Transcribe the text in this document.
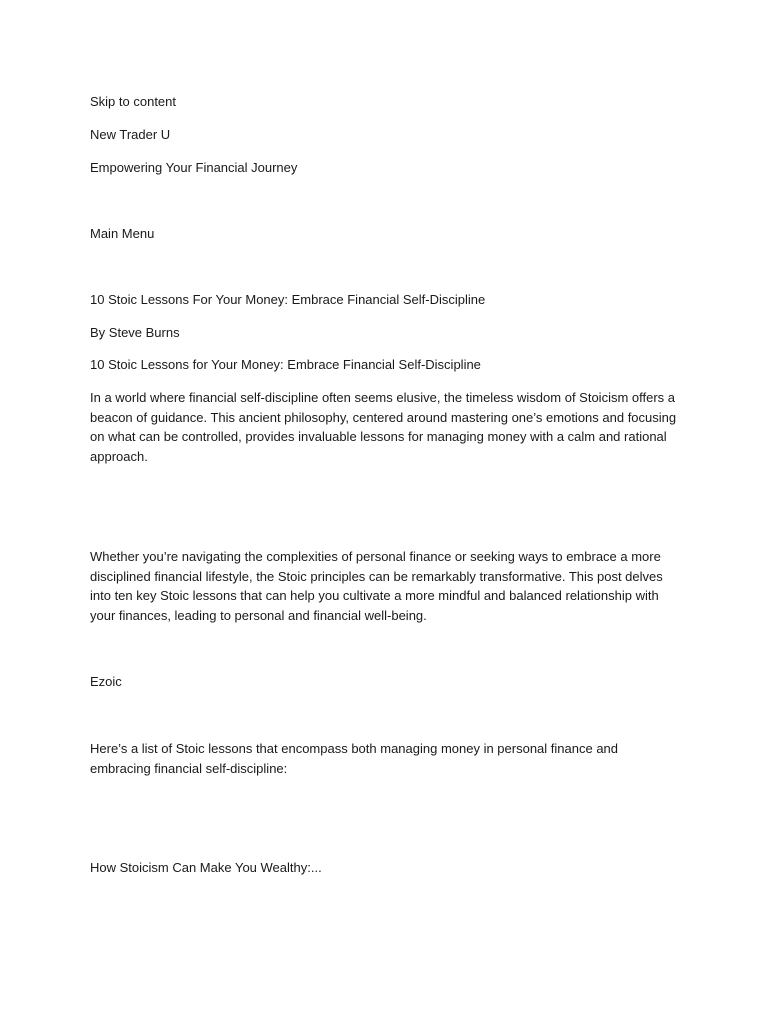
Skip to content

New Trader U

Empowering Your Financial Journey

Main Menu

10 Stoic Lessons For Your Money: Embrace Financial Self-Discipline

By Steve Burns

10 Stoic Lessons for Your Money: Embrace Financial Self-Discipline

In a world where financial self-discipline often seems elusive, the timeless wisdom of Stoicism offers a beacon of guidance. This ancient philosophy, centered around mastering one’s emotions and focusing on what can be controlled, provides invaluable lessons for managing money with a calm and rational approach.

Whether you’re navigating the complexities of personal finance or seeking ways to embrace a more disciplined financial lifestyle, the Stoic principles can be remarkably transformative. This post delves into ten key Stoic lessons that can help you cultivate a more mindful and balanced relationship with your finances, leading to personal and financial well-being.

Ezoic

Here’s a list of Stoic lessons that encompass both managing money in personal finance and embracing financial self-discipline:

How Stoicism Can Make You Wealthy:...
